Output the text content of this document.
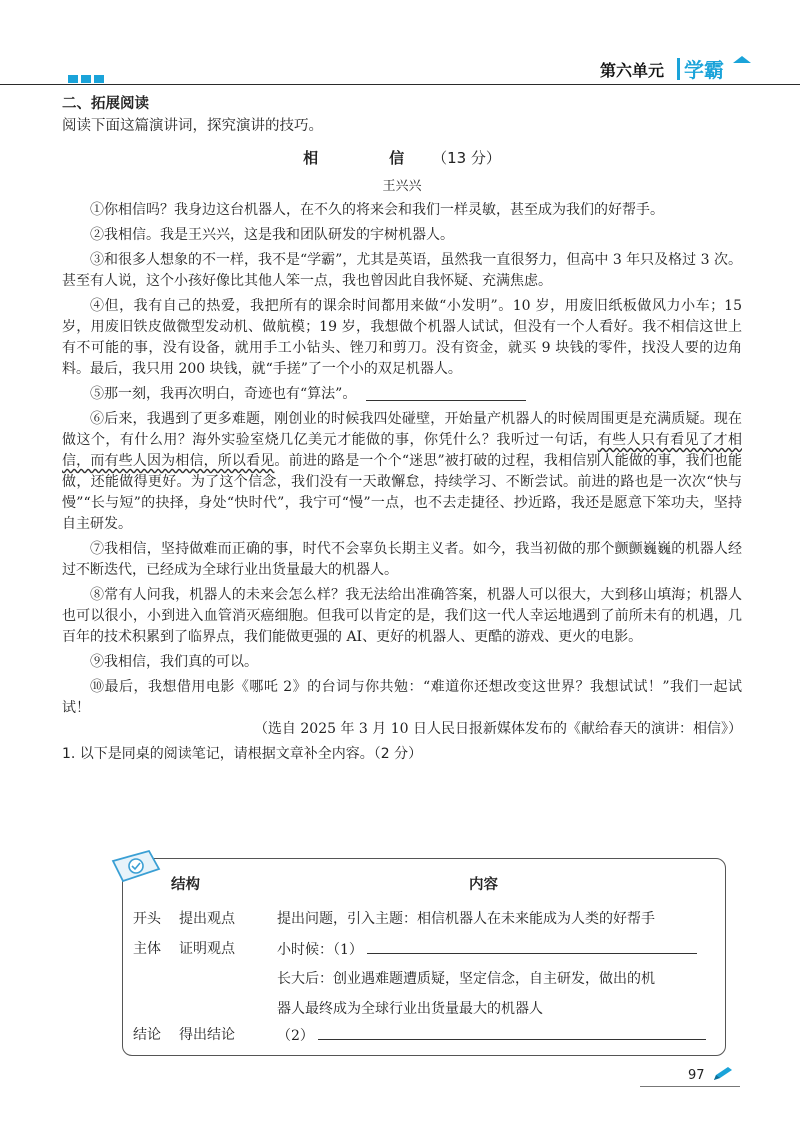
第六单元 学霸
二、拓展阅读
阅读下面这篇演讲词，探究演讲的技巧。
相　信（13 分）
王兴兴

①你相信吗？我身边这台机器人，在不久的将来会和我们一样灵敏，甚至成为我们的好帮手。

②我相信。我是王兴兴，这是我和团队研发的宇树机器人。

③和很多人想象的不一样，我不是“学霸”，尤其是英语，虽然我一直很努力，但高中 3 年只及格过 3 次。甚至有人说，这个小孩好像比其他人笨一点，我也曾因此自我怀疑、充满焦虑。

④但，我有自己的热爱，我把所有的课余时间都用来做“小发明”。10 岁，用废旧纸板做风力小车；15 岁，用废旧铁皮做微型发动机、做航模；19 岁，我想做个机器人试试，但没有一个人看好。我不相信这世上有不可能的事，没有设备，就用手工小钻头、锉刀和剪刀。没有资金，就买 9 块钱的零件，找没人要的边角料。最后，我只用 200 块钱，就“手搓”了一个小的双足机器人。

⑤那一刻，我再次明白，奇迹也有“算法”。

⑥后来，我遇到了更多难题，刚创业的时候我四处碰壁，开始量产机器人的时候周围更是充满质疑。现在做这个，有什么用？海外实验室烧几亿美元才能做的事，你凭什么？我听过一句话，有些人只有看见了才相信，而有些人因为相信，所以看见。前进的路是一个个“迷思”被打破的过程，我相信别人能做的事，我们也能做，还能做得更好。为了这个信念，我们没有一天敢懈怠，持续学习、不断尝试。前进的路也是一次次“快与慢”“长与短”的抉择，身处“快时代”，我宁可“慢”一点，也不去走捷径、抄近路，我还是愿意下笨功夫，坚持自主研发。

⑦我相信，坚持做难而正确的事，时代不会辜负长期主义者。如今，我当初做的那个颤颤巍巍的机器人经过不断迭代，已经成为全球行业出货量最大的机器人。

⑧常有人问我，机器人的未来会怎么样？我无法给出准确答案，机器人可以很大，大到移山填海；机器人也可以很小，小到进入血管消灭癌细胞。但我可以肯定的是，我们这一代人幸运地遇到了前所未有的机遇，几百年的技术积累到了临界点，我们能做更强的 AI、更好的机器人、更酷的游戏、更火的电影。

⑨我相信，我们真的可以。

⑩最后，我想借用电影《哪吒 2》的台词与你共勉：“难道你还想改变这世界？我想试试！”我们一起试试！
（选自 2025 年 3 月 10 日人民日报新媒体发布的《献给春天的演讲：相信》）

1. 以下是同桌的阅读笔记，请根据文章补全内容。（2 分）
结构	内容
开头 提出观点	提出问题，引入主题：相信机器人在未来能成为人类的好帮手
主体 证明观点	小时候：（1）
长大后：创业遇难题遭质疑，坚定信念，自主研发，做出的机
器人最终成为全球行业出货量最大的机器人
结论 得出结论	（2）
97
